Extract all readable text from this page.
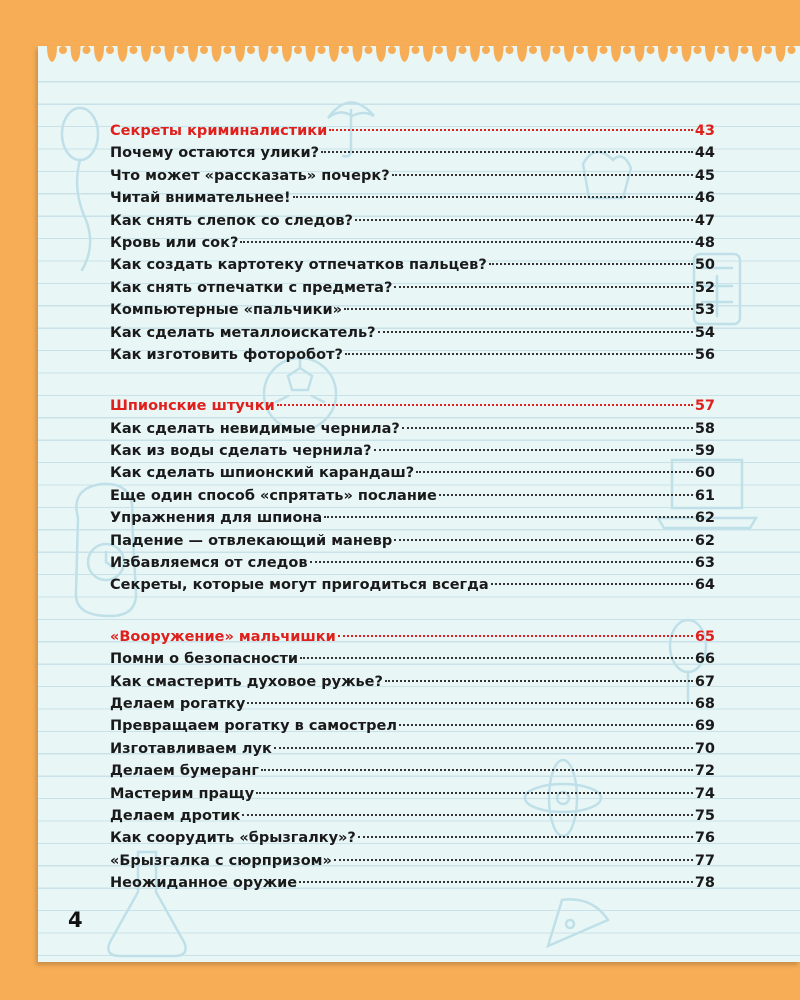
Секреты криминалистики	43
Почему остаются улики?	44
Что может «рассказать» почерк?	45
Читай внимательнее!	46
Как снять слепок со следов?	47
Кровь или сок?	48
Как создать картотеку отпечатков пальцев?	50
Как снять отпечатки с предмета?	52
Компьютерные «пальчики»	53
Как сделать металлоискатель?	54
Как изготовить фоторобот?	56
Шпионские штучки	57
Как сделать невидимые чернила?	58
Как из воды сделать чернила?	59
Как сделать шпионский карандаш?	60
Еще один способ «спрятать» послание	61
Упражнения для шпиона	62
Падение — отвлекающий маневр	62
Избавляемся от следов	63
Секреты, которые могут пригодиться всегда	64
«Вооружение» мальчишки	65
Помни о безопасности	66
Как смастерить духовое ружье?	67
Делаем рогатку	68
Превращаем рогатку в самострел	69
Изготавливаем лук	70
Делаем бумеранг	72
Мастерим пращу	74
Делаем дротик	75
Как соорудить «брызгалку»?	76
«Брызгалка с сюрпризом»	77
Неожиданное оружие	78
4
